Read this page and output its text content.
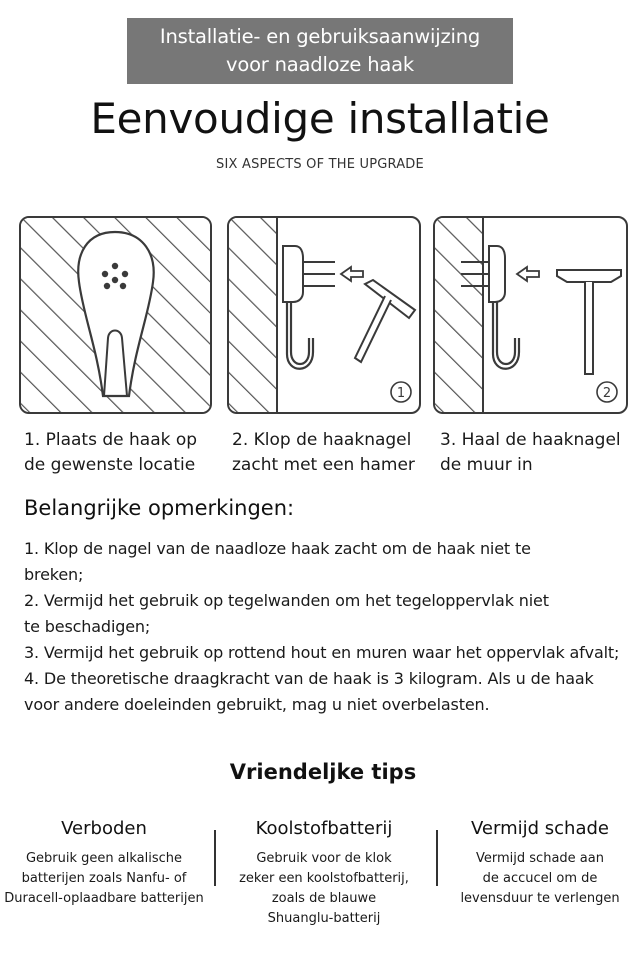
Installatie- en gebruiksaanwijzing
voor naadloze haak
Eenvoudige installatie
SIX ASPECTS OF THE UPGRADE
1	2
1. Plaats de haak op
de gewenste locatie
2. Klop de haaknagel
zacht met een hamer
3. Haal de haaknagel
de muur in
Belangrijke opmerkingen:
1. Klop de nagel van de naadloze haak zacht om de haak niet te
breken;
2. Vermijd het gebruik op tegelwanden om het tegeloppervlak niet
te beschadigen;
3. Vermijd het gebruik op rottend hout en muren waar het oppervlak afvalt;
4. De theoretische draagkracht van de haak is 3 kilogram. Als u de haak
voor andere doeleinden gebruikt, mag u niet overbelasten.
Vriendeljke tips
Verboden
Gebruik geen alkalische
batterijen zoals Nanfu- of
Duracell-oplaadbare batterijen
Koolstofbatterij
Gebruik voor de klok
zeker een koolstofbatterij,
zoals de blauwe
Shuanglu-batterij
Vermijd schade
Vermijd schade aan
de accucel om de
levensduur te verlengen
